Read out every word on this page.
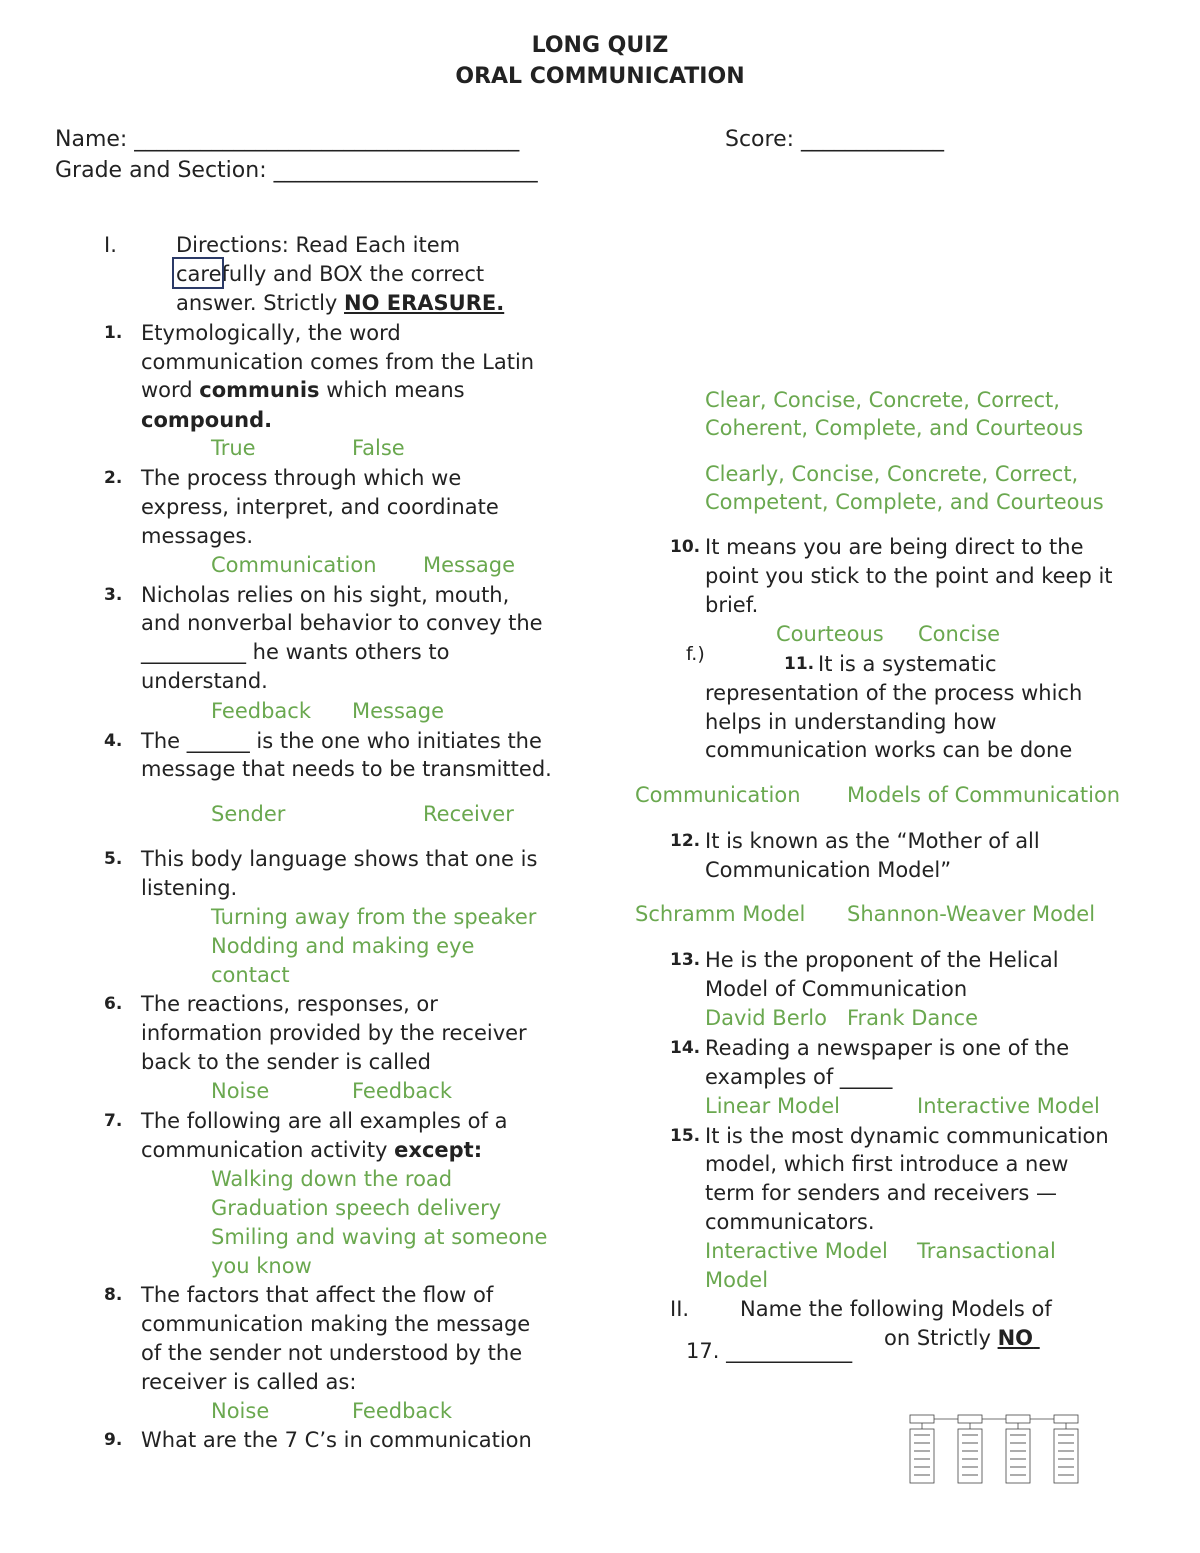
LONG QUIZ
ORAL COMMUNICATION
Name: ___________________________________	Score: _____________
Grade and Section: ________________________
I.	Directions: Read Each item
carefully and BOX the correct
answer. Strictly NO ERASURE.
1. Etymologically, the word
communication comes from the Latin
word communis which means
compound.
True	False
2. The process through which we
express, interpret, and coordinate
messages.
Communication Message
3. Nicholas relies on his sight, mouth,
and nonverbal behavior to convey the
__________ he wants others to
understand.
Feedback Message
4. The ______ is the one who initiates the
message that needs to be transmitted.
Sender	Receiver
5. This body language shows that one is
listening.
Turning away from the speaker
Nodding and making eye
contact
6. The reactions, responses, or
information provided by the receiver
back to the sender is called
Noise	Feedback
7. The following are all examples of a
communication activity except:
Walking down the road
Graduation speech delivery
Smiling and waving at someone
you know
8. The factors that affect the flow of
communication making the message
of the sender not understood by the
receiver is called as:
Noise	Feedback
9. What are the 7 C’s in communication
Clear, Concise, Concrete, Correct,
Coherent, Complete, and Courteous
Clearly, Concise, Concrete, Correct,
Competent, Complete, and Courteous
10. It means you are being direct to the
point you stick to the point and keep it
brief.
Courteous Concise
f.)	11. It is a systematic
representation of the process which
helps in understanding how
communication works can be done
Communication Models of Communication
12. It is known as the “Mother of all
Communication Model”
Schramm Model Shannon-Weaver Model
13. He is the proponent of the Helical
Model of Communication
David Berlo Frank Dance
14. Reading a newspaper is one of the
examples of _____
Linear Model	Interactive Model
15. It is the most dynamic communication
model, which first introduce a new
term for senders and receivers —
communicators.
Interactive Model Transactional
Model
II. Name the following Models of
on Strictly NO
17. ____________
